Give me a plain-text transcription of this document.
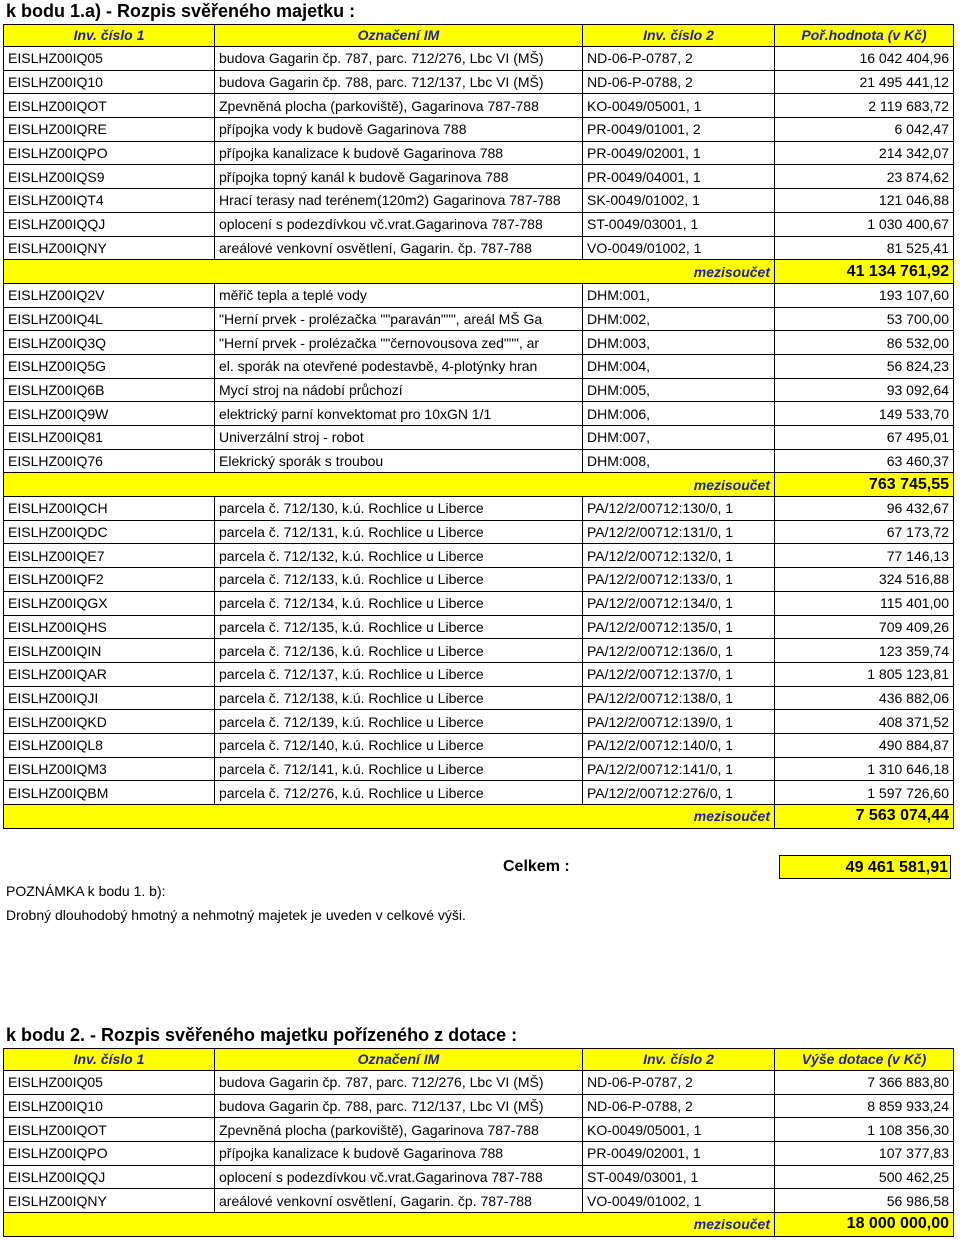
k bodu 1.a) - Rozpis svěřeného majetku :
Inv. číslo 1	Označení IM	Inv. číslo 2	Poř.hodnota (v Kč)
EISLHZ00IQ05	budova Gagarin čp. 787, parc. 712/276, Lbc VI (MŠ)	ND-06-P-0787, 2	16 042 404,96
EISLHZ00IQ10	budova Gagarin čp. 788, parc. 712/137, Lbc VI (MŠ)	ND-06-P-0788, 2	21 495 441,12
EISLHZ00IQOT	Zpevněná plocha (parkoviště), Gagarinova 787-788	KO-0049/05001, 1	2 119 683,72
EISLHZ00IQRE	přípojka vody k budově Gagarinova 788	PR-0049/01001, 2	6 042,47
EISLHZ00IQPO	přípojka kanalizace k budově Gagarinova 788	PR-0049/02001, 1	214 342,07
EISLHZ00IQS9	přípojka topný kanál k budově Gagarinova 788	PR-0049/04001, 1	23 874,62
EISLHZ00IQT4	Hrací terasy nad terénem(120m2) Gagarinova 787-788	SK-0049/01002, 1	121 046,88
EISLHZ00IQQJ	oplocení s podezdívkou vč.vrat.Gagarinova 787-788	ST-0049/03001, 1	1 030 400,67
EISLHZ00IQNY	areálové venkovní osvětlení, Gagarin. čp. 787-788	VO-0049/01002, 1	81 525,41
mezisoučet			41 134 761,92
EISLHZ00IQ2V	měřič tepla a teplé vody	DHM:001,	193 107,60
EISLHZ00IQ4L	"Herní prvek - prolézačka ""paraván""", areál MŠ Ga	DHM:002,	53 700,00
EISLHZ00IQ3Q	"Herní prvek - prolézačka ""černovousova zed""", ar	DHM:003,	86 532,00
EISLHZ00IQ5G	el. sporák na otevřené podestavbě, 4-plotýnky hran	DHM:004,	56 824,23
EISLHZ00IQ6B	Mycí stroj na nádobí průchozí	DHM:005,	93 092,64
EISLHZ00IQ9W	elektrický parní konvektomat pro 10xGN 1/1	DHM:006,	149 533,70
EISLHZ00IQ81	Univerzální stroj - robot	DHM:007,	67 495,01
EISLHZ00IQ76	Elekrický sporák s troubou	DHM:008,	63 460,37
mezisoučet			763 745,55
EISLHZ00IQCH	parcela č. 712/130, k.ú. Rochlice u Liberce	PA/12/2/00712:130/0, 1	96 432,67
EISLHZ00IQDC	parcela č. 712/131, k.ú. Rochlice u Liberce	PA/12/2/00712:131/0, 1	67 173,72
EISLHZ00IQE7	parcela č. 712/132, k.ú. Rochlice u Liberce	PA/12/2/00712:132/0, 1	77 146,13
EISLHZ00IQF2	parcela č. 712/133, k.ú. Rochlice u Liberce	PA/12/2/00712:133/0, 1	324 516,88
EISLHZ00IQGX	parcela č. 712/134, k.ú. Rochlice u Liberce	PA/12/2/00712:134/0, 1	115 401,00
EISLHZ00IQHS	parcela č. 712/135, k.ú. Rochlice u Liberce	PA/12/2/00712:135/0, 1	709 409,26
EISLHZ00IQIN	parcela č. 712/136, k.ú. Rochlice u Liberce	PA/12/2/00712:136/0, 1	123 359,74
EISLHZ00IQAR	parcela č. 712/137, k.ú. Rochlice u Liberce	PA/12/2/00712:137/0, 1	1 805 123,81
EISLHZ00IQJI	parcela č. 712/138, k.ú. Rochlice u Liberce	PA/12/2/00712:138/0, 1	436 882,06
EISLHZ00IQKD	parcela č. 712/139, k.ú. Rochlice u Liberce	PA/12/2/00712:139/0, 1	408 371,52
EISLHZ00IQL8	parcela č. 712/140, k.ú. Rochlice u Liberce	PA/12/2/00712:140/0, 1	490 884,87
EISLHZ00IQM3	parcela č. 712/141, k.ú. Rochlice u Liberce	PA/12/2/00712:141/0, 1	1 310 646,18
EISLHZ00IQBM	parcela č. 712/276, k.ú. Rochlice u Liberce	PA/12/2/00712:276/0, 1	1 597 726,60
mezisoučet			7 563 074,44
Celkem :	49 461 581,91
POZNÁMKA k bodu 1. b):
Drobný dlouhodobý hmotný a nehmotný majetek je uveden v celkové výši.
k bodu 2. - Rozpis svěřeného majetku pořízeného z dotace :
Inv. číslo 1	Označení IM	Inv. číslo 2	Výše dotace (v Kč)
EISLHZ00IQ05	budova Gagarin čp. 787, parc. 712/276, Lbc VI (MŠ)	ND-06-P-0787, 2	7 366 883,80
EISLHZ00IQ10	budova Gagarin čp. 788, parc. 712/137, Lbc VI (MŠ)	ND-06-P-0788, 2	8 859 933,24
EISLHZ00IQOT	Zpevněná plocha (parkoviště), Gagarinova 787-788	KO-0049/05001, 1	1 108 356,30
EISLHZ00IQPO	přípojka kanalizace k budově Gagarinova 788	PR-0049/02001, 1	107 377,83
EISLHZ00IQQJ	oplocení s podezdívkou vč.vrat.Gagarinova 787-788	ST-0049/03001, 1	500 462,25
EISLHZ00IQNY	areálové venkovní osvětlení, Gagarin. čp. 787-788	VO-0049/01002, 1	56 986,58
mezisoučet			18 000 000,00
